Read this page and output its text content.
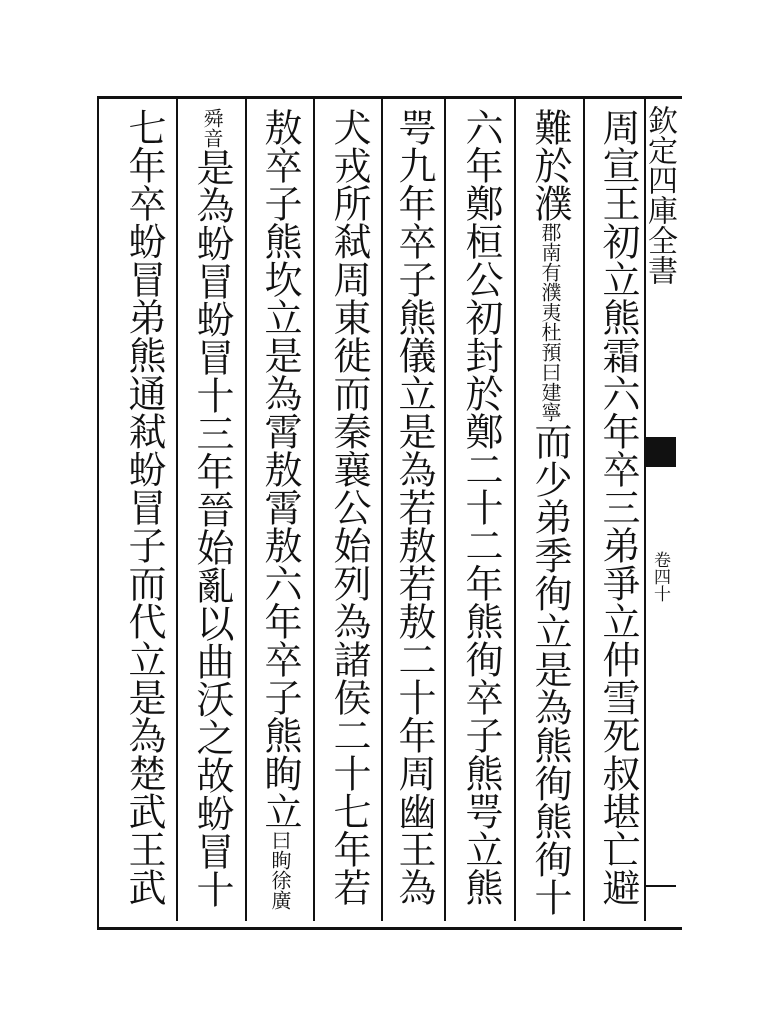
欽定四庫全書
卷四十
周宣王初立熊霜六年卒三弟爭立仲雪死叔堪亡避
難於濮
杜預曰建寧
郡南有濮夷
而少弟季徇立是為熊徇熊徇十
六年鄭桓公初封於鄭二十二年熊徇卒子熊咢立熊
咢九年卒子熊儀立是為若敖若敖二十年周幽王為
犬戎所弒周東徙而秦襄公始列為諸侯二十七年若
敖卒子熊坎立是為霄敖霄敖六年卒子熊眴立
徐廣
曰眴
音
舜
是為蚡冒蚡冒十三年晉始亂以曲沃之故蚡冒十
七年卒蚡冒弟熊通弒蚡冒子而代立是為楚武王武
